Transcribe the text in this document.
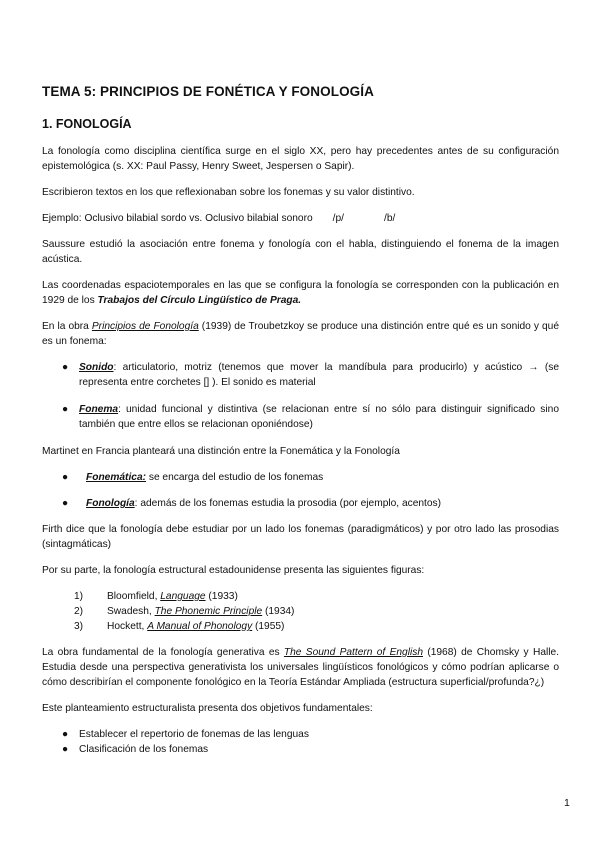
TEMA 5: PRINCIPIOS DE FONÉTICA Y FONOLOGÍA
1. FONOLOGÍA

La fonología como disciplina científica surge en el siglo XX, pero hay precedentes antes de su configuración epistemológica (s. XX: Paul Passy, Henry Sweet, Jespersen o Sapir).

Escribieron textos en los que reflexionaban sobre los fonemas y su valor distintivo.

Ejemplo: Oclusivo bilabial sordo vs. Oclusivo bilabial sonoro /p/	/b/

Saussure estudió la asociación entre fonema y fonología con el habla, distinguiendo el fonema de la imagen acústica.

Las coordenadas espaciotemporales en las que se configura la fonología se corresponden con la publicación en 1929 de los Trabajos del Círculo Lingüístico de Praga.

En la obra Principios de Fonología (1939) de Troubetzkoy se produce una distinción entre qué es un sonido y qué es un fonema:

● Sonido: articulatorio, motriz (tenemos que mover la mandíbula para producirlo) y acústico → (se representa entre corchetes [] ). El sonido es material
● Fonema: unidad funcional y distintiva (se relacionan entre sí no sólo para distinguir significado sino también que entre ellos se relacionan oponiéndose)

Martinet en Francia planteará una distinción entre la Fonemática y la Fonología

● Fonemática: se encarga del estudio de los fonemas
● Fonología: además de los fonemas estudia la prosodia (por ejemplo, acentos)

Firth dice que la fonología debe estudiar por un lado los fonemas (paradigmáticos) y por otro lado las prosodias (sintagmáticas)

Por su parte, la fonología estructural estadounidense presenta las siguientes figuras:

1) Bloomfield, Language (1933)
2) Swadesh, The Phonemic Principle (1934)
3) Hockett, A Manual of Phonology (1955)

La obra fundamental de la fonología generativa es The Sound Pattern of English (1968) de Chomsky y Halle. Estudia desde una perspectiva generativista los universales lingüísticos fonológicos y cómo podrían aplicarse o cómo describirían el componente fonológico en la Teoría Estándar Ampliada (estructura superficial/profunda?¿)

Este planteamiento estructuralista presenta dos objetivos fundamentales:

● Establecer el repertorio de fonemas de las lenguas
● Clasificación de los fonemas
1
